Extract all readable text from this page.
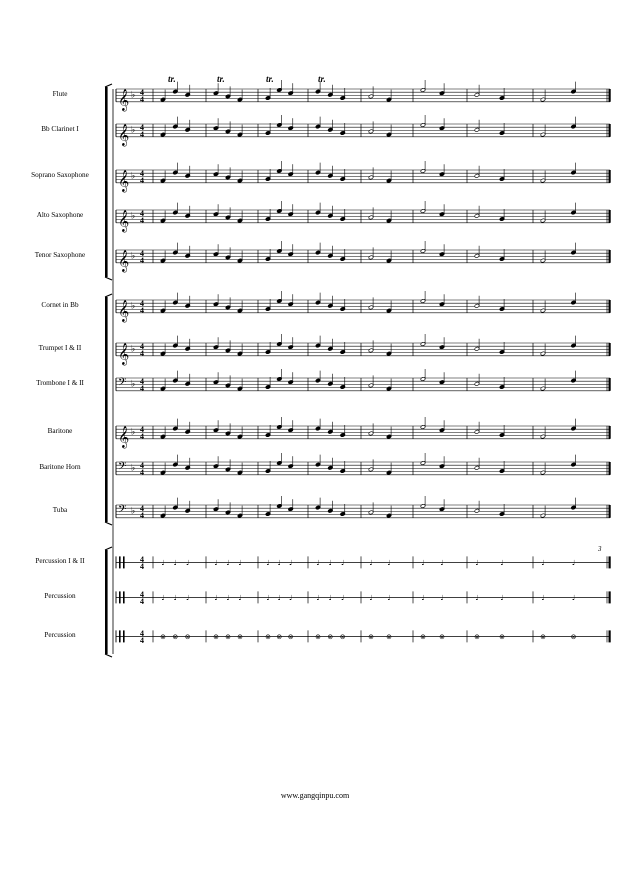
𝄞 ♭ 4
4
𝄞 ♭ 4
4
𝄞 ♭ 4
4
𝄞 ♭ 4
4
𝄞 ♭ 4
4
𝄞 ♭ 4
4
𝄞 ♭ 4
4
𝄢 ♭ 4
4
𝄞 ♭ 4
4
𝄢 ♭ 4
4
𝄢 ♭ 4
4
4
4
4
4
4
4
♩ ♩ ♩	♩ ♩ ♩	♩ ♩ ♩	♩ ♩ ♩	♩ ♩	♩ ♩	♩	♩	♩	♩
♩ ♩ ♩	♩ ♩ ♩	♩ ♩ ♩	♩ ♩ ♩	♩ ♩	♩ ♩	♩	♩	♩	♩
⊗ ⊗ ⊗	⊗ ⊗ ⊗	⊗ ⊗ ⊗	⊗ ⊗ ⊗	⊗ ⊗	⊗ ⊗	⊗	⊗	⊗	⊗
tr.	tr.	tr.	tr.
3
Flute
Bb Clarinet I
Soprano Saxophone
Alto Saxophone
Tenor Saxophone
Cornet in Bb
Trumpet I & II
Trombone I & II
Baritone
Baritone Horn
Tuba
Percussion I & II
Percussion
Percussion
www.gangqinpu.com
